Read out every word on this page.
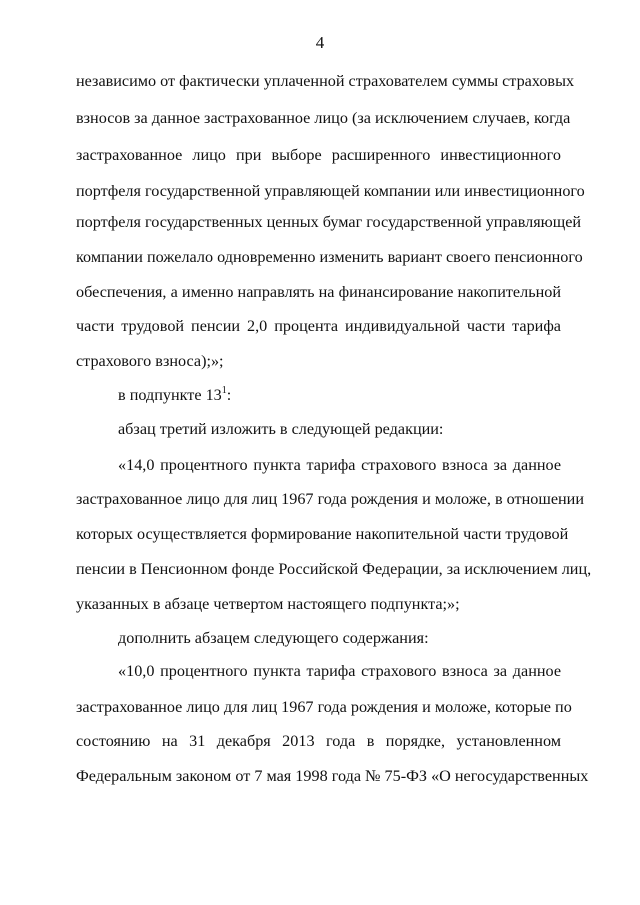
4
независимо от фактически уплаченной страхователем суммы страховых
взносов за данное застрахованное лицо (за исключением случаев, когда
застрахованное лицо при выборе расширенного инвестиционного
портфеля государственной управляющей компании или инвестиционного
портфеля государственных ценных бумаг государственной управляющей
компании пожелало одновременно изменить вариант своего пенсионного
обеспечения, а именно направлять на финансирование накопительной
части трудовой пенсии 2,0 процента индивидуальной части тарифа
страхового взноса);»;
в подпункте $13^1$:
абзац третий изложить в следующей редакции:
«14,0 процентного пункта тарифа страхового взноса за данное
застрахованное лицо для лиц 1967 года рождения и моложе, в отношении
которых осуществляется формирование накопительной части трудовой
пенсии в Пенсионном фонде Российской Федерации, за исключением лиц,
указанных в абзаце четвертом настоящего подпункта;»;
дополнить абзацем следующего содержания:
«10,0 процентного пункта тарифа страхового взноса за данное
застрахованное лицо для лиц 1967 года рождения и моложе, которые по
состоянию на 31 декабря 2013 года в порядке, установленном
Федеральным законом от 7 мая 1998 года № 75-ФЗ «О негосударственных
